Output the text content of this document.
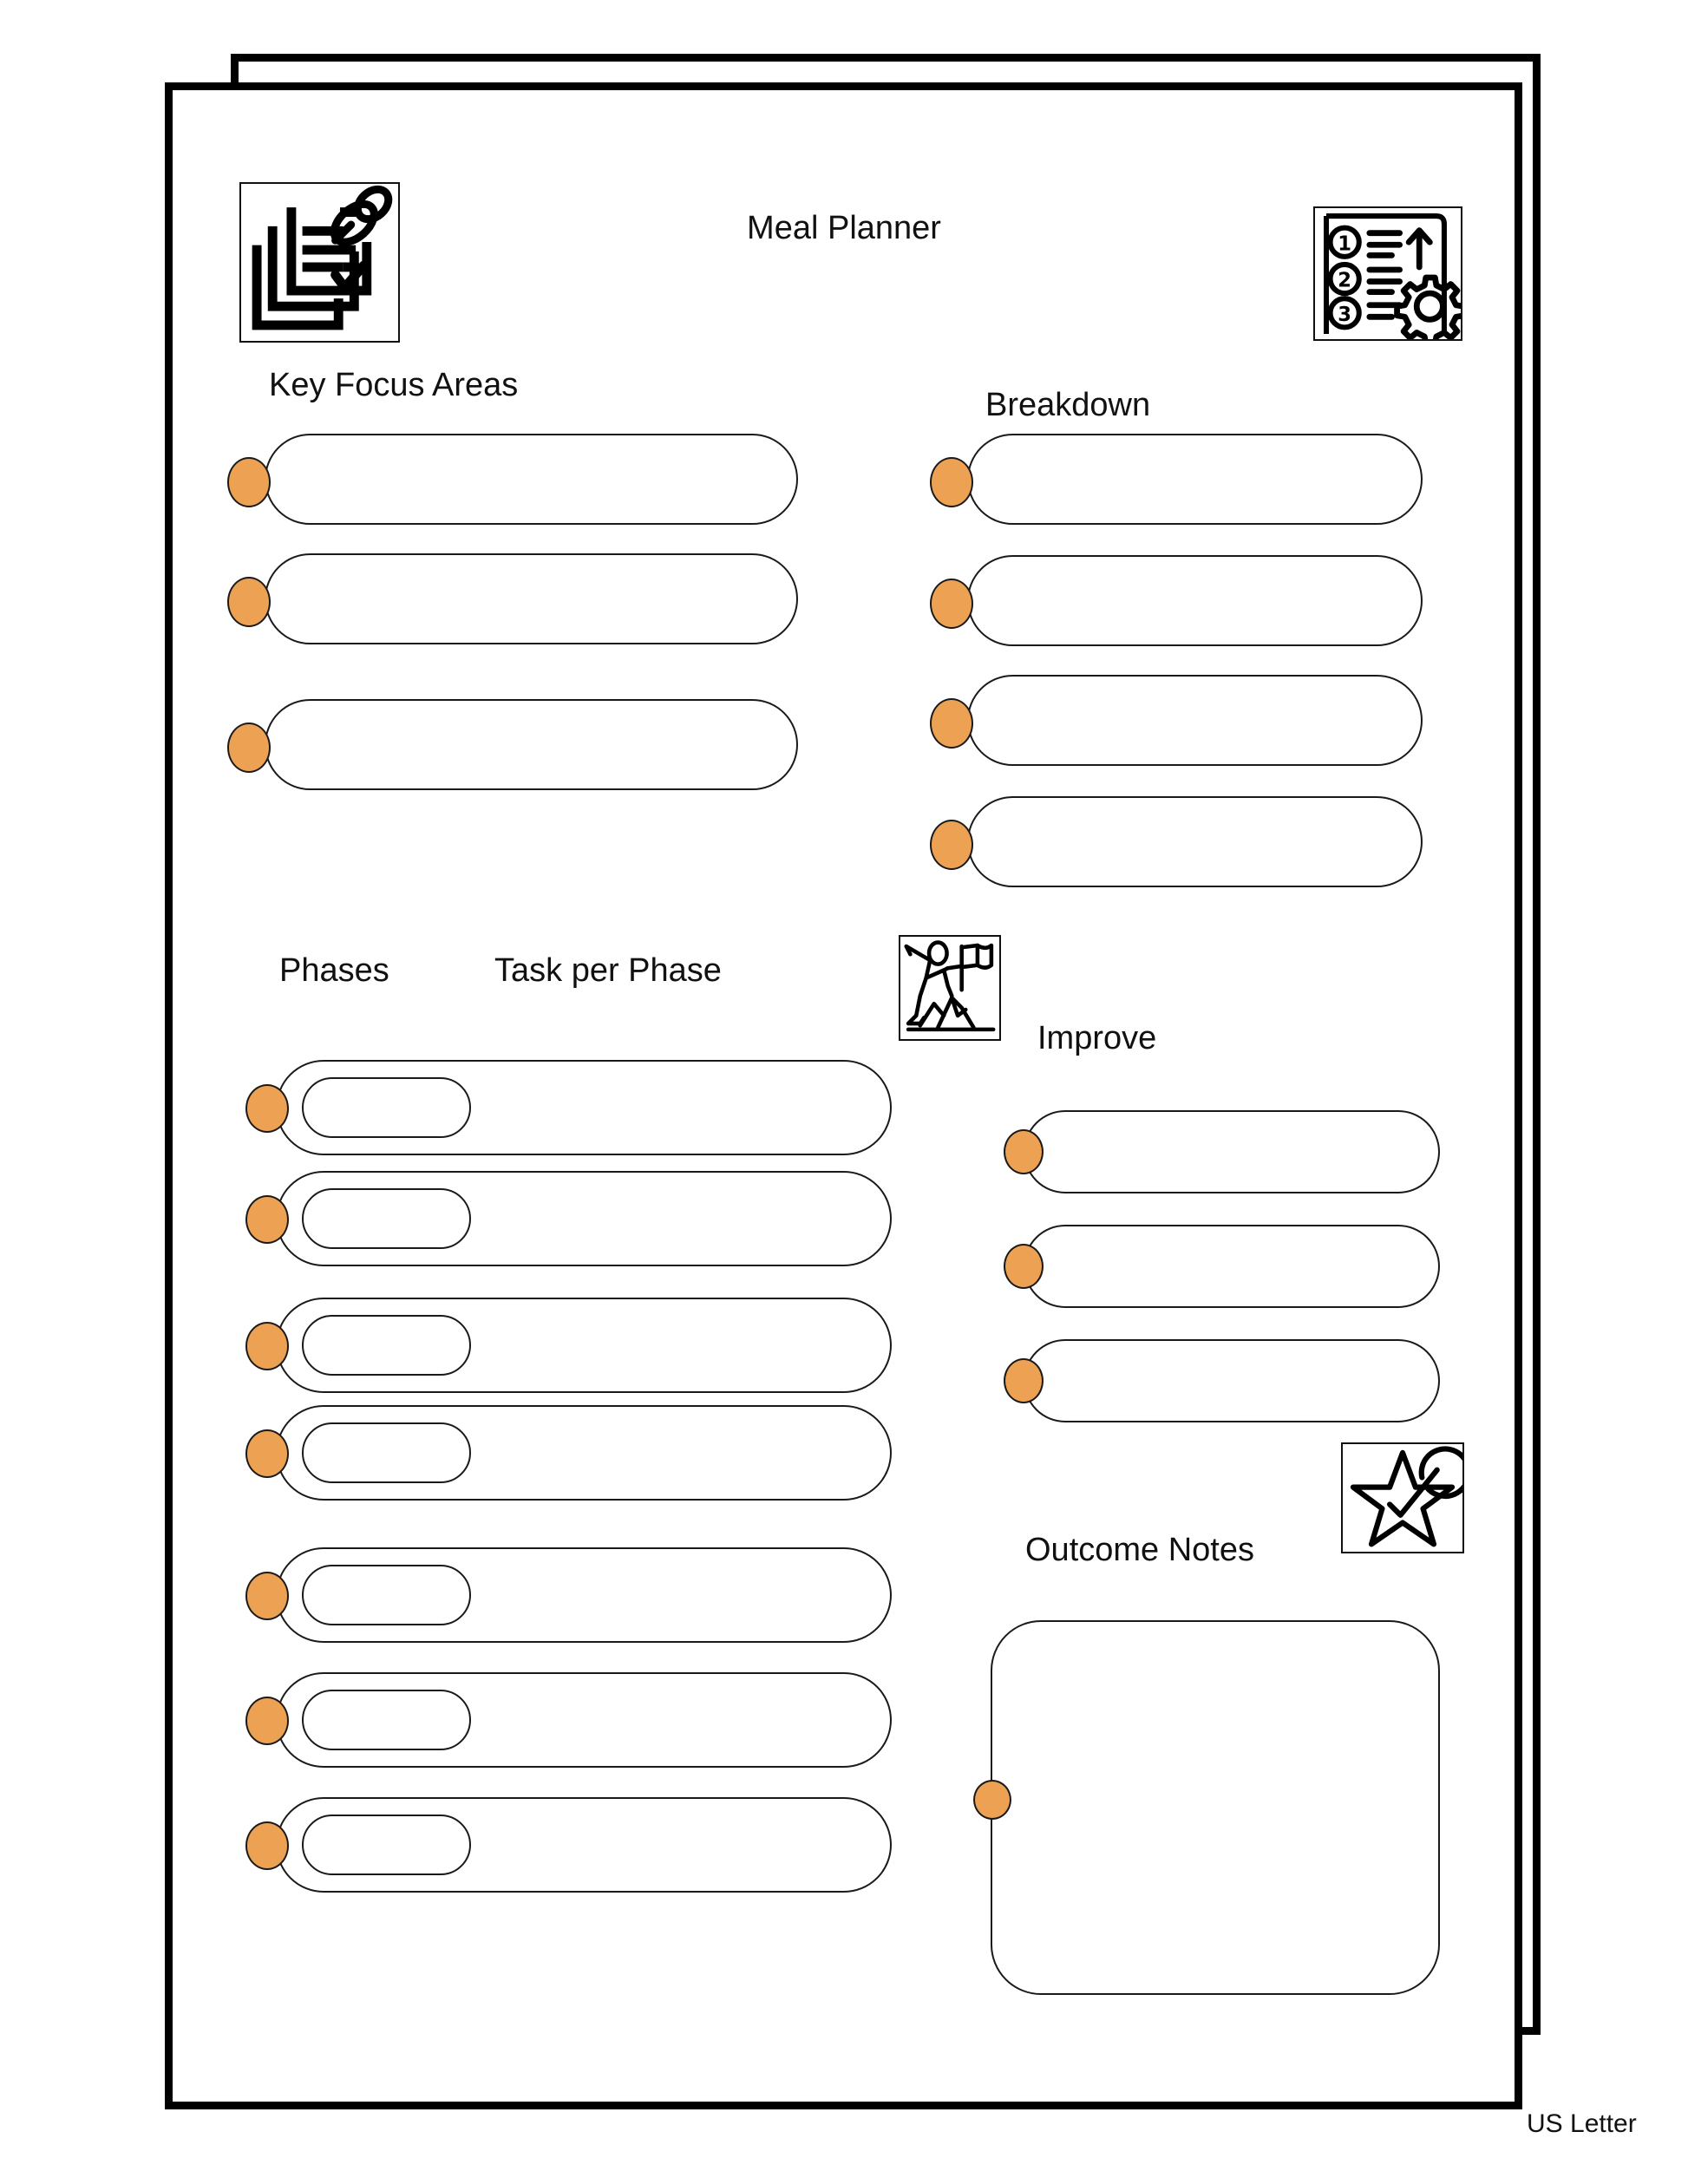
Meal Planner
Key Focus Areas
1
2
3
Breakdown
Phases	Task per Phase
Improve
Outcome Notes
US Letter
